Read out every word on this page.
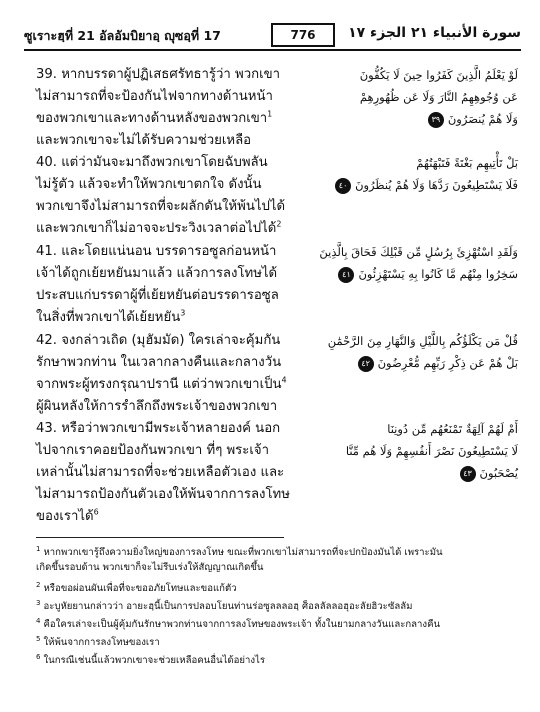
ซูเราะฮฺที่ 21 อัลอัมบิยาอฺ ญุซอฺที่ 17	776	سورة الأنبياء ٢١ الجزء ١٧
39. หากบรรดาผู้ปฏิเสธศรัทธารู้ว่า พวกเขา
ไม่สามารถที่จะป้องกันไฟจากทางด้านหน้า
ของพวกเขาและทางด้านหลังของพวกเขา$^1$
และพวกเขาจะไม่ได้รับความช่วยเหลือ
لَوْ يَعْلَمُ الَّذِينَ كَفَرُوا حِينَ لَا يَكُفُّونَ
عَن وُجُوهِهِمُ النَّارَ وَلَا عَن ظُهُورِهِمْ
وَلَا هُمْ يُنصَرُونَ٣٩
40. แต่ว่ามันจะมาถึงพวกเขาโดยฉับพลัน
ไม่รู้ตัว แล้วจะทำให้พวกเขาตกใจ ดังนั้น
พวกเขาจึงไม่สามารถที่จะผลักดันให้พ้นไปได้
และพวกเขาก็ไม่อาจจะประวิงเวลาต่อไปได้$^2$
بَلْ تَأْتِيهِم بَغْتَةً فَتَبْهَتُهُمْ
فَلَا يَسْتَطِيعُونَ رَدَّهَا وَلَا هُمْ يُنظَرُونَ٤٠
41. และโดยแน่นอน บรรดารอซูลก่อนหน้า
เจ้าได้ถูกเย้ยหยันมาแล้ว แล้วการลงโทษได้
ประสบแก่บรรดาผู้ที่เย้ยหยันต่อบรรดารอซูล
ในสิ่งที่พวกเขาได้เย้ยหยัน$^3$
وَلَقَدِ اسْتُهْزِئَ بِرُسُلٍ مِّن قَبْلِكَ فَحَاقَ بِالَّذِينَ
سَخِرُوا مِنْهُم مَّا كَانُوا بِهِ يَسْتَهْزِئُونَ٤١
42. จงกล่าวเถิด (มุฮัมมัด) ใครเล่าจะคุ้มกัน
รักษาพวกท่าน ในเวลากลางคืนและกลางวัน
จากพระผู้ทรงกรุณาปรานี แต่ว่าพวกเขาเป็น$^4$
ผู้ผินหลังให้การรำลึกถึงพระเจ้าของพวกเขา
قُلْ مَن يَكْلَؤُكُم بِاللَّيْلِ وَالنَّهَارِ مِنَ الرَّحْمَٰنِ
بَلْ هُمْ عَن ذِكْرِ رَبِّهِم مُّعْرِضُونَ٤٢
43. หรือว่าพวกเขามีพระเจ้าหลายองค์ นอก
ไปจากเราคอยป้องกันพวกเขา ที่ๆ พระเจ้า
เหล่านั้นไม่สามารถที่จะช่วยเหลือตัวเอง และ
ไม่สามารถป้องกันตัวเองให้พ้นจากการลงโทษ
ของเราได้$^6$
أَمْ لَهُمْ آلِهَةٌ تَمْنَعُهُم مِّن دُونِنَا
لَا يَسْتَطِيعُونَ نَصْرَ أَنفُسِهِمْ وَلَا هُم مِّنَّا
يُصْحَبُونَ٤٣
$^1$ หากพวกเขารู้ถึงความยิ่งใหญ่ของการลงโทษ ขณะที่พวกเขาไม่สามารถที่จะปกป้องมันได้ เพราะมัน
เกิดขึ้นรอบด้าน พวกเขาก็จะไม่รีบเร่งให้สัญญาณเกิดขึ้น
$^2$ หรือขอผ่อนผันเพื่อที่จะขออภัยโทษและขอแก้ตัว
$^3$ อะบูหัยยานกล่าวว่า อายะฮฺนี้เป็นการปลอบโยนท่านร่อซูลลลอฮฺ ศ็อลลัลลอฮุอะลัยฮิวะซัลลัม
$^4$ คือใครเล่าจะเป็นผู้คุ้มกันรักษาพวกท่านจากการลงโทษของพระเจ้า ทั้งในยามกลางวันและกลางคืน
$^5$ ให้พ้นจากการลงโทษของเรา
$^6$ ในกรณีเช่นนี้แล้วพวกเขาจะช่วยเหลือคนอื่นได้อย่างไร
